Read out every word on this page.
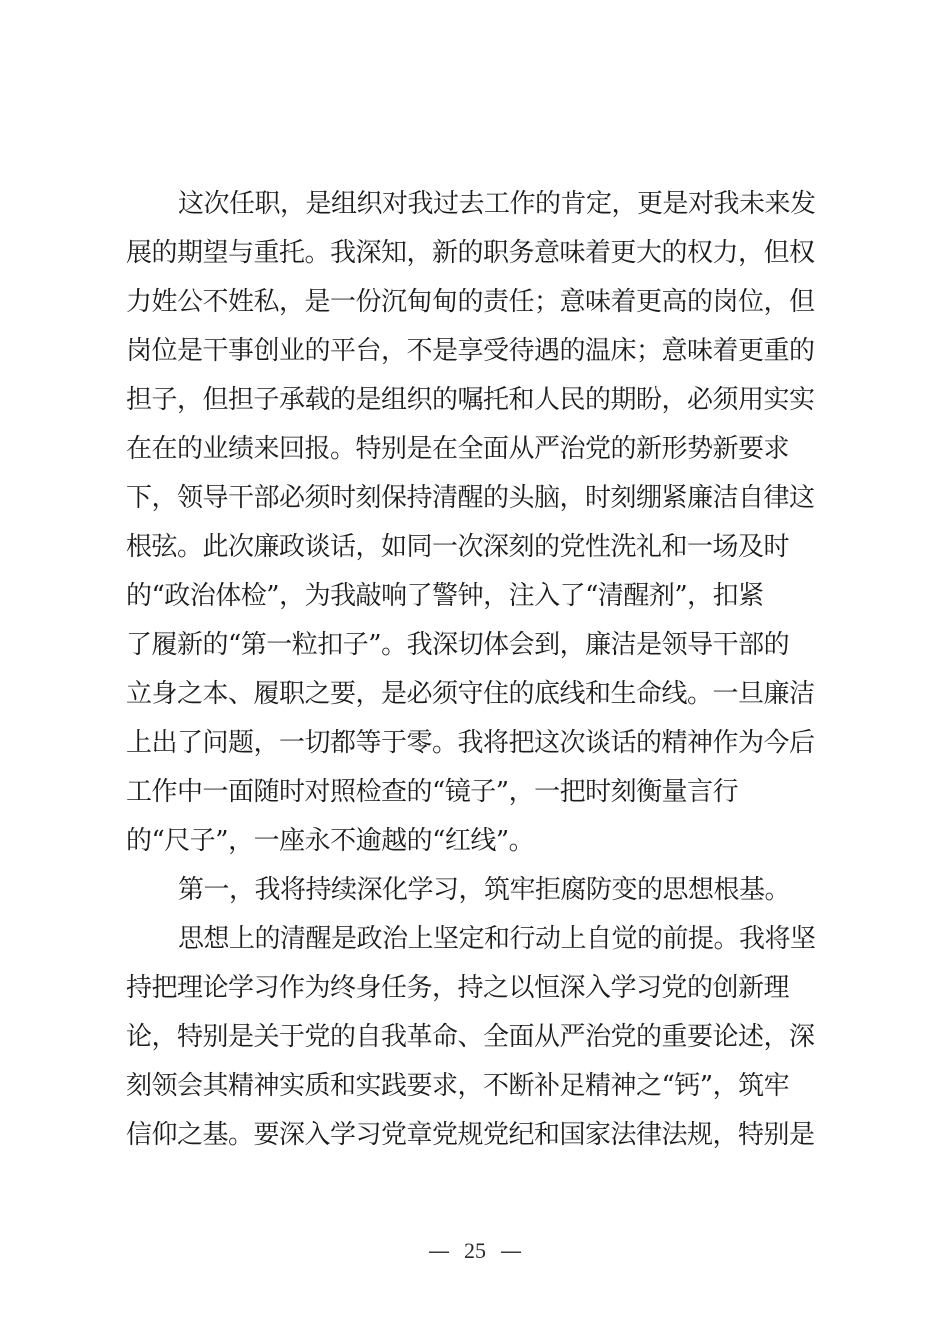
这次任职，是组织对我过去工作的肯定，更是对我未来发
展的期望与重托。我深知，新的职务意味着更大的权力，但权
力姓公不姓私，是一份沉甸甸的责任；意味着更高的岗位，但
岗位是干事创业的平台，不是享受待遇的温床；意味着更重的
担子，但担子承载的是组织的嘱托和人民的期盼，必须用实实
在在的业绩来回报。特别是在全面从严治党的新形势新要求
下，领导干部必须时刻保持清醒的头脑，时刻绷紧廉洁自律这
根弦。此次廉政谈话，如同一次深刻的党性洗礼和一场及时
的“政治体检”，为我敲响了警钟，注入了“清醒剂”，扣紧
了履新的“第一粒扣子”。我深切体会到，廉洁是领导干部的
立身之本、履职之要，是必须守住的底线和生命线。一旦廉洁
上出了问题，一切都等于零。我将把这次谈话的精神作为今后
工作中一面随时对照检查的“镜子”，一把时刻衡量言行
的“尺子”，一座永不逾越的“红线”。
第一，我将持续深化学习，筑牢拒腐防变的思想根基。
思想上的清醒是政治上坚定和行动上自觉的前提。我将坚
持把理论学习作为终身任务，持之以恒深入学习党的创新理
论，特别是关于党的自我革命、全面从严治党的重要论述，深
刻领会其精神实质和实践要求，不断补足精神之“钙”，筑牢
信仰之基。要深入学习党章党规党纪和国家法律法规，特别是
— 25 —
